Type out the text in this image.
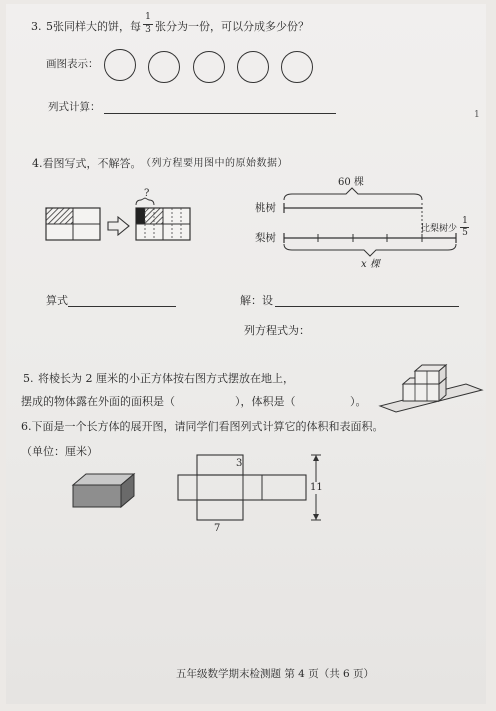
3. 5张同样大的饼，每
1
3 张分为一份，可以分成多少份？
画图表示：
列式计算：
1
4.看图写式，不解答。 （列方程要用图中的原始数据）
?
60 棵
桃树
梨树
比梨树少
1
5
x 棵
算式	解：设
列方程式为：
5. 将棱长为 2 厘米的小正方体按右图方式摆放在地上，
摆成的物体露在外面的面积是（	），体积是（	）。
6.下面是一个长方体的展开图，请同学们看图列式计算它的体积和表面积。
（单位：厘米）
3
11
7
五年级数学期末检测题 第 4 页（共 6 页）
